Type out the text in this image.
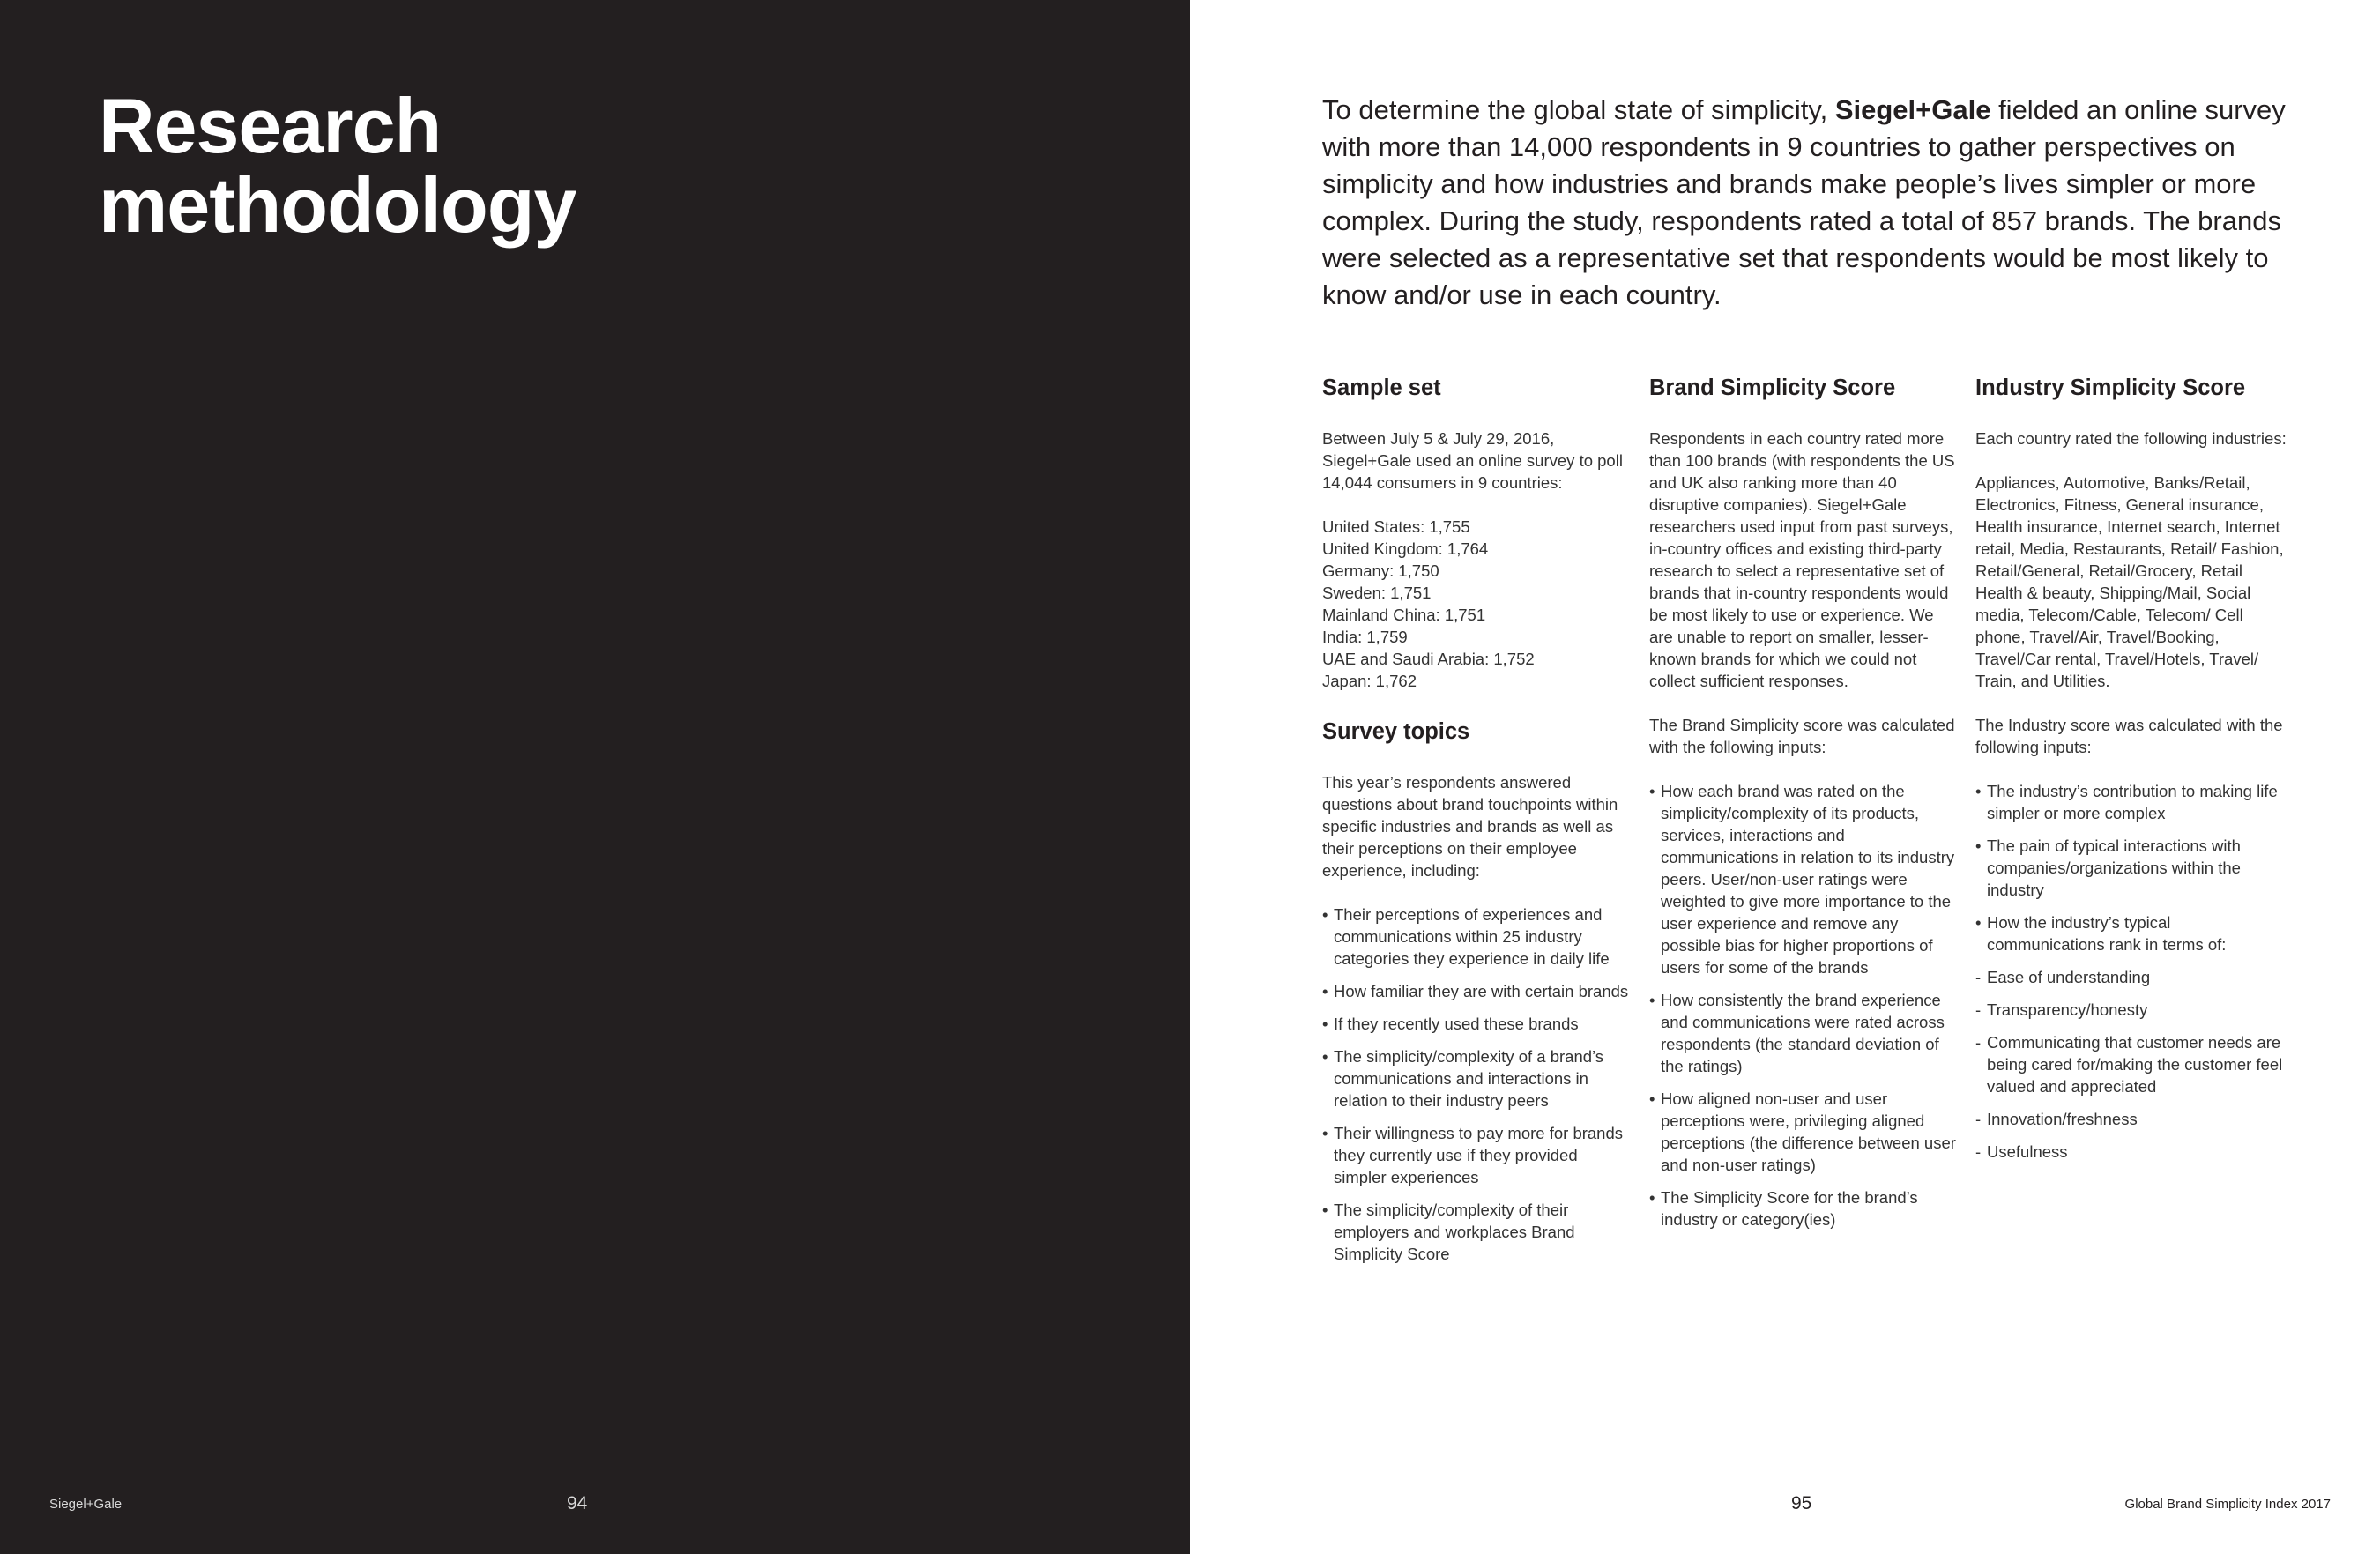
Research
methodology
Siegel+Gale	94

To determine the global state of simplicity, Siegel+Gale fielded an online survey with more than 14,000 respondents in 9 countries to gather perspectives on simplicity and how industries and brands make people’s lives simpler or more complex. During the study, respondents rated a total of 857 brands. The brands were selected as a representative set that respondents would be most likely to know and/or use in each country.

Sample set

Between July 5 & July 29, 2016, Siegel+Gale used an online survey to poll 14,044 consumers in 9 countries:

United States: 1,755
United Kingdom: 1,764
Germany: 1,750
Sweden: 1,751
Mainland China: 1,751
India: 1,759
UAE and Saudi Arabia: 1,752
Japan: 1,762
Survey topics

This year’s respondents answered questions about brand touchpoints within specific industries and brands as well as their perceptions on their employee experience, including:

• Their perceptions of experiences and communications within 25 industry categories they experience in daily life
• How familiar they are with certain brands
• If they recently used these brands
• The simplicity/complexity of a brand’s communications and interactions in relation to their industry peers
• Their willingness to pay more for brands they currently use if they provided simpler experiences
• The simplicity/complexity of their employers and workplaces Brand Simplicity Score
Brand Simplicity Score

Respondents in each country rated more than 100 brands (with respondents the US and UK also ranking more than 40 disruptive companies). Siegel+Gale researchers used input from past surveys, in-country offices and existing third-party research to select a representative set of brands that in-country respondents would be most likely to use or experience. We are unable to report on smaller, lesser-known brands for which we could not collect sufficient responses.

The Brand Simplicity score was calculated with the following inputs:

• How each brand was rated on the simplicity/complexity of its products, services, interactions and communications in relation to its industry peers. User/non-user ratings were weighted to give more importance to the user experience and remove any possible bias for higher proportions of users for some of the brands
• How consistently the brand experience and communications were rated across respondents (the standard deviation of the ratings)
• How aligned non-user and user perceptions were, privileging aligned perceptions (the difference between user and non-user ratings)
• The Simplicity Score for the brand’s industry or category(ies)
Industry Simplicity Score

Each country rated the following industries:

Appliances, Automotive, Banks/Retail, Electronics, Fitness, General insurance, Health insurance, Internet search, Internet retail, Media, Restaurants, Retail/ Fashion, Retail/General, Retail/Grocery, Retail Health & beauty, Shipping/Mail, Social media, Telecom/Cable, Telecom/ Cell phone, Travel/Air, Travel/Booking, Travel/Car rental, Travel/Hotels, Travel/ Train, and Utilities.

The Industry score was calculated with the following inputs:

• The industry’s contribution to making life simpler or more complex
• The pain of typical interactions with companies/organizations within the industry
• How the industry’s typical communications rank in terms of:
- Ease of understanding
- Transparency/honesty
- Communicating that customer needs are being cared for/making the customer feel valued and appreciated
- Innovation/freshness
- Usefulness
95	Global Brand Simplicity Index 2017
